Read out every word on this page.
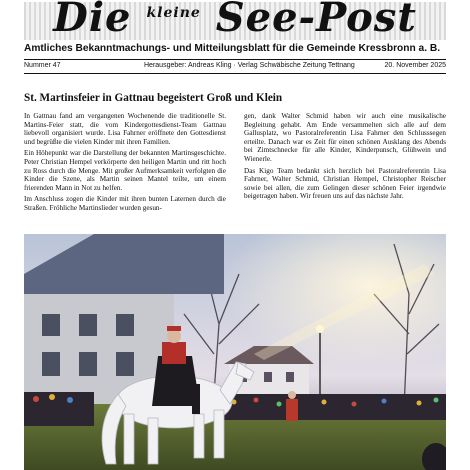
Die $^{kleine}$ See-Post
Amtliches Bekanntmachungs- und Mitteilungsblatt für die Gemeinde Kressbronn a. B.
Nummer 47	Herausgeber: Andreas Kling · Verlag Schwäbische Zeitung Tettnang	20. November 2025
St. Martinsfeier in Gattnau begeistert Groß und Klein

In Gattnau fand am vergangenen Wochenende die traditionelle St. Martins-Feier statt, die vom Kindergottesdienst-Team Gattnau liebevoll organisiert wurde. Lisa Fahrner eröffnete den Gottesdienst und begrüßte die vielen Kinder mit ihren Familien.

Ein Höhepunkt war die Darstellung der bekannten Martinsgeschichte. Peter Christian Hempel verkörperte den heiligen Martin und ritt hoch zu Ross durch die Menge. Mit großer Aufmerksamkeit verfolgten die Kinder die Szene, als Martin seinen Mantel teilte, um einem frierenden Mann in Not zu helfen.

Im Anschluss zogen die Kinder mit ihren bunten Laternen durch die Straßen. Fröhliche Martinslieder wurden gesun-

gen, dank Walter Schmid haben wir auch eine musikalische Begleitung gehabt. Am Ende versammelten sich alle auf dem Gallusplatz, wo Pastoralreferentin Lisa Fahrner den Schlusssegen erteilte. Danach war es Zeit für einen schönen Ausklang des Abends bei Zimtschnecke für alle Kinder, Kinderpunsch, Glühwein und Wienerle.

Das Kigo Team bedankt sich herzlich bei Pastoralreferentin Lisa Fahrner, Walter Schmid, Christian Hempel, Christopher Reischer sowie bei allen, die zum Gelingen dieser schönen Feier irgendwie beigetragen haben. Wir freuen uns auf das nächste Jahr.
